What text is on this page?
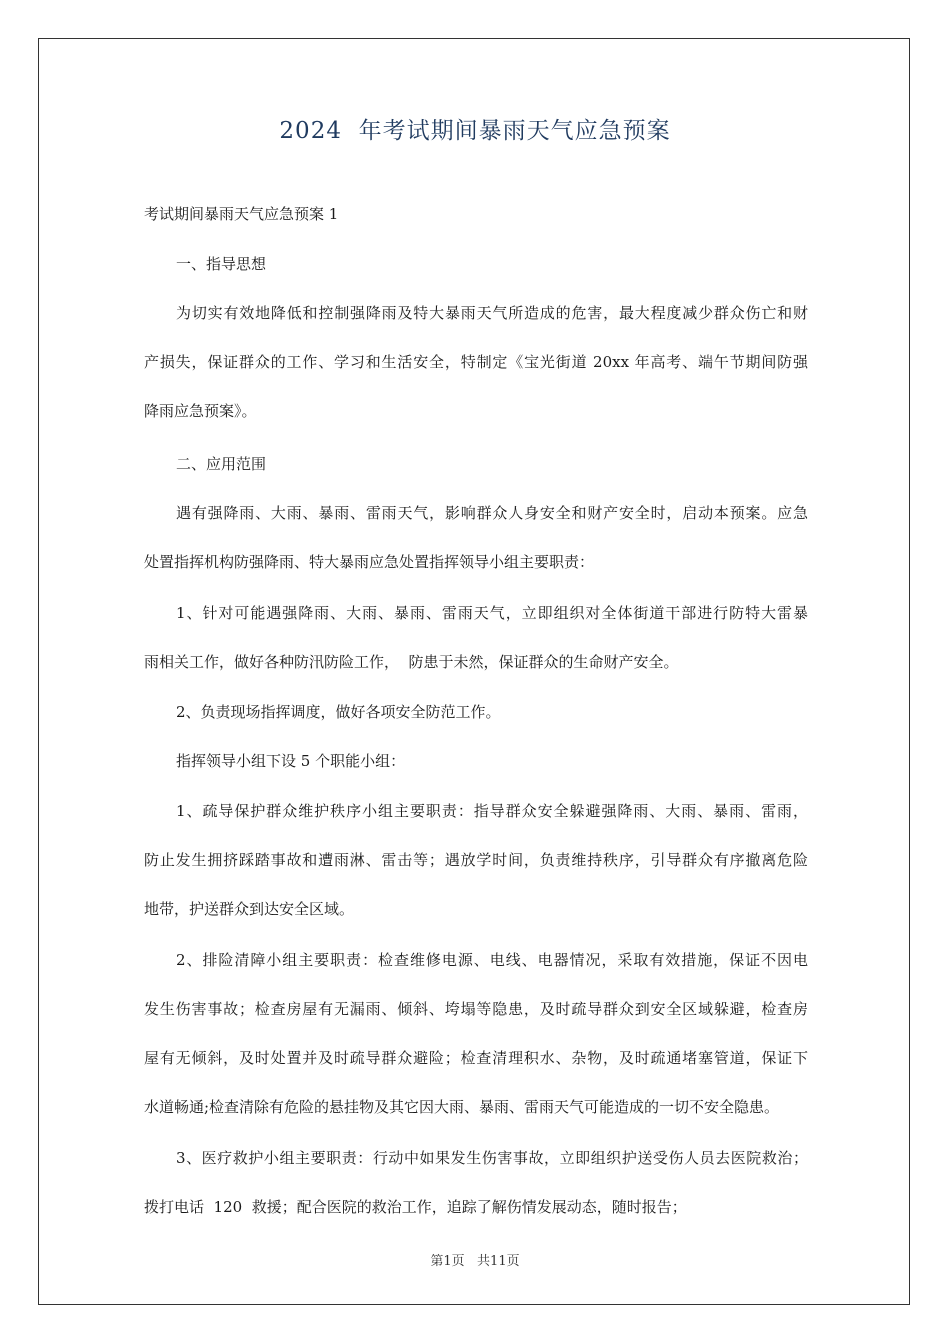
2024  年考试期间暴雨天气应急预案
考试期间暴雨天气应急预案 1
一、指导思想
为切实有效地降低和控制强降雨及特大暴雨天气所造成的危害，最大程度减少群众伤亡和财
产损失，保证群众的工作、学习和生活安全，特制定《宝光街道 20xx 年高考、端午节期间防强
降雨应急预案》。
二、应用范围
遇有强降雨、大雨、暴雨、雷雨天气，影响群众人身安全和财产安全时，启动本预案。应急
处置指挥机构防强降雨、特大暴雨应急处置指挥领导小组主要职责：
1、针对可能遇强降雨、大雨、暴雨、雷雨天气，立即组织对全体街道干部进行防特大雷暴
雨相关工作，做好各种防汛防险工作，  防患于未然，保证群众的生命财产安全。
2、负责现场指挥调度，做好各项安全防范工作。
指挥领导小组下设 5 个职能小组：
1、疏导保护群众维护秩序小组主要职责：指导群众安全躲避强降雨、大雨、暴雨、雷雨，
防止发生拥挤踩踏事故和遭雨淋、雷击等；遇放学时间，负责维持秩序，引导群众有序撤离危险
地带，护送群众到达安全区域。
2、排险清障小组主要职责：检查维修电源、电线、电器情况，采取有效措施，保证不因电
发生伤害事故；检查房屋有无漏雨、倾斜、垮塌等隐患，及时疏导群众到安全区域躲避，检查房
屋有无倾斜，及时处置并及时疏导群众避险；检查清理积水、杂物，及时疏通堵塞管道，保证下
水道畅通;检查清除有危险的悬挂物及其它因大雨、暴雨、雷雨天气可能造成的一切不安全隐患。
3、医疗救护小组主要职责：行动中如果发生伤害事故，立即组织护送受伤人员去医院救治；
拨打电话  120  救援；配合医院的救治工作，追踪了解伤情发展动态，随时报告；
第1页   共11页
